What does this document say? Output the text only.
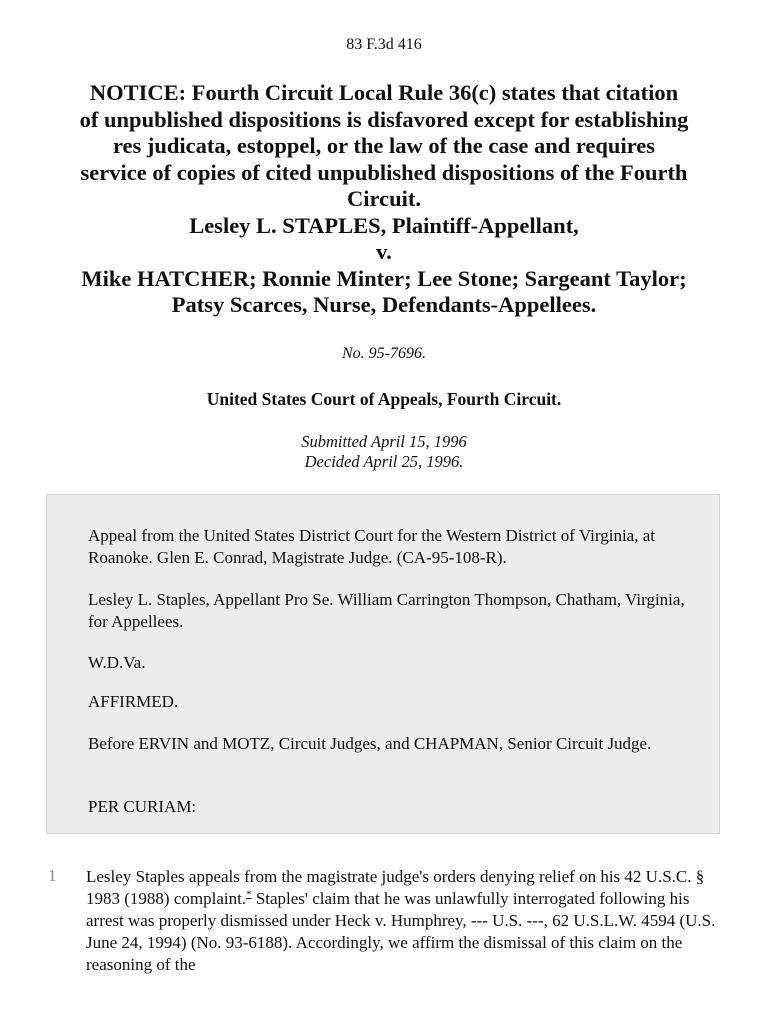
83 F.3d 416
NOTICE: Fourth Circuit Local Rule 36(c) states that citation
of unpublished dispositions is disfavored except for establishing
res judicata, estoppel, or the law of the case and requires
service of copies of cited unpublished dispositions of the Fourth
Circuit.
Lesley L. STAPLES, Plaintiff-Appellant,
v.
Mike HATCHER; Ronnie Minter; Lee Stone; Sargeant Taylor;
Patsy Scarces, Nurse, Defendants-Appellees.
No. 95-7696.
United States Court of Appeals, Fourth Circuit.
Submitted April 15, 1996
Decided April 25, 1996.

Appeal from the United States District Court for the Western District of Virginia, at Roanoke. Glen E. Conrad, Magistrate Judge. (CA-95-108-R).

Lesley L. Staples, Appellant Pro Se. William Carrington Thompson, Chatham, Virginia, for Appellees.

W.D.Va.

AFFIRMED.

Before ERVIN and MOTZ, Circuit Judges, and CHAPMAN, Senior Circuit Judge.

PER CURIAM:

1 Lesley Staples appeals from the magistrate judge's orders denying relief on his 42 U.S.C. § 1983 (1988) complaint.* Staples' claim that he was unlawfully interrogated following his arrest was properly dismissed under Heck v. Humphrey, --- U.S. ---, 62 U.S.L.W. 4594 (U.S. June 24, 1994) (No. 93-6188). Accordingly, we affirm the dismissal of this claim on the reasoning of the
